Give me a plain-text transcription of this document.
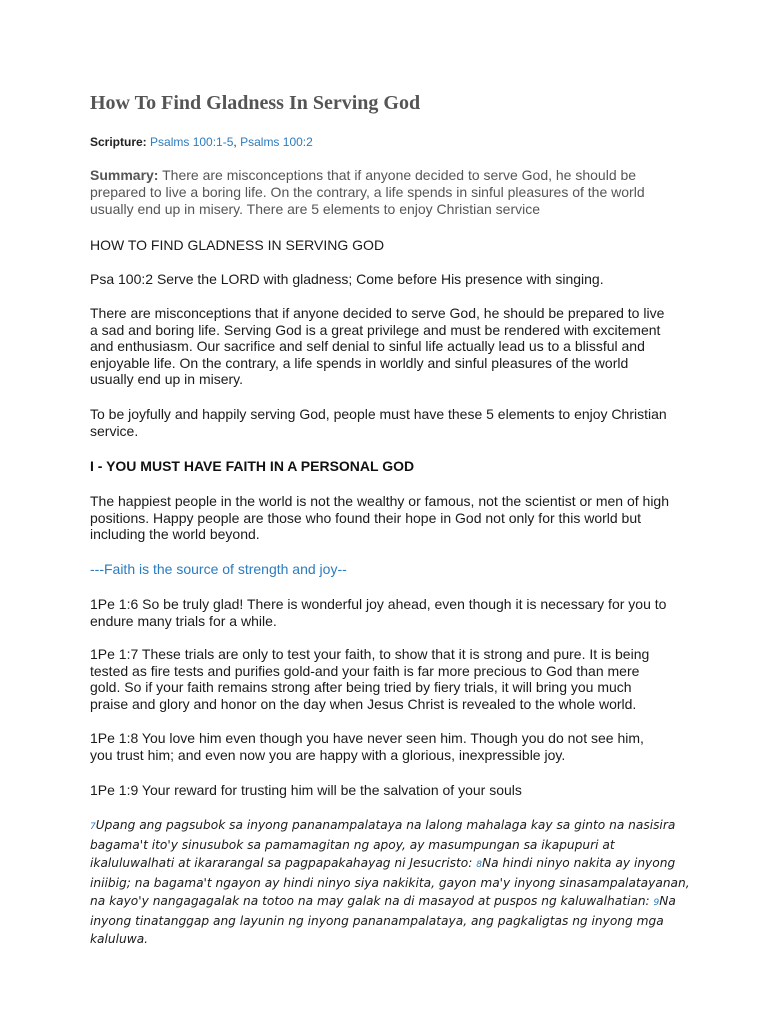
How To Find Gladness In Serving God
Scripture: Psalms 100:1-5, Psalms 100:2
Summary: There are misconceptions that if anyone decided to serve God, he should be prepared to live a boring life. On the contrary, a life spends in sinful pleasures of the world usually end up in misery. There are 5 elements to enjoy Christian service

HOW TO FIND GLADNESS IN SERVING GOD

Psa 100:2 Serve the LORD with gladness; Come before His presence with singing.

There are misconceptions that if anyone decided to serve God, he should be prepared to live a sad and boring life. Serving God is a great privilege and must be rendered with excitement and enthusiasm. Our sacrifice and self denial to sinful life actually lead us to a blissful and enjoyable life. On the contrary, a life spends in worldly and sinful pleasures of the world usually end up in misery.

To be joyfully and happily serving God, people must have these 5 elements to enjoy Christian service.

I - YOU MUST HAVE FAITH IN A PERSONAL GOD

The happiest people in the world is not the wealthy or famous, not the scientist or men of high positions. Happy people are those who found their hope in God not only for this world but including the world beyond.

---Faith is the source of strength and joy--

1Pe 1:6 So be truly glad! There is wonderful joy ahead, even though it is necessary for you to endure many trials for a while.

1Pe 1:7 These trials are only to test your faith, to show that it is strong and pure. It is being tested as fire tests and purifies gold-and your faith is far more precious to God than mere gold. So if your faith remains strong after being tried by fiery trials, it will bring you much praise and glory and honor on the day when Jesus Christ is revealed to the whole world.

1Pe 1:8 You love him even though you have never seen him. Though you do not see him, you trust him; and even now you are happy with a glorious, inexpressible joy.

1Pe 1:9 Your reward for trusting him will be the salvation of your souls

7Upang ang pagsubok sa inyong pananampalataya na lalong mahalaga kay sa ginto na nasisira bagama't ito'y sinusubok sa pamamagitan ng apoy, ay masumpungan sa ikapupuri at ikaluluwalhati at ikararangal sa pagpapakahayag ni Jesucristo: 8Na hindi ninyo nakita ay inyong iniibig; na bagama't ngayon ay hindi ninyo siya nakikita, gayon ma'y inyong sinasampalatayanan, na kayo'y nangagagalak na totoo na may galak na di masayod at puspos ng kaluwalhatian: 9Na inyong tinatanggap ang layunin ng inyong pananampalataya, ang pagkaligtas ng inyong mga kaluluwa.
